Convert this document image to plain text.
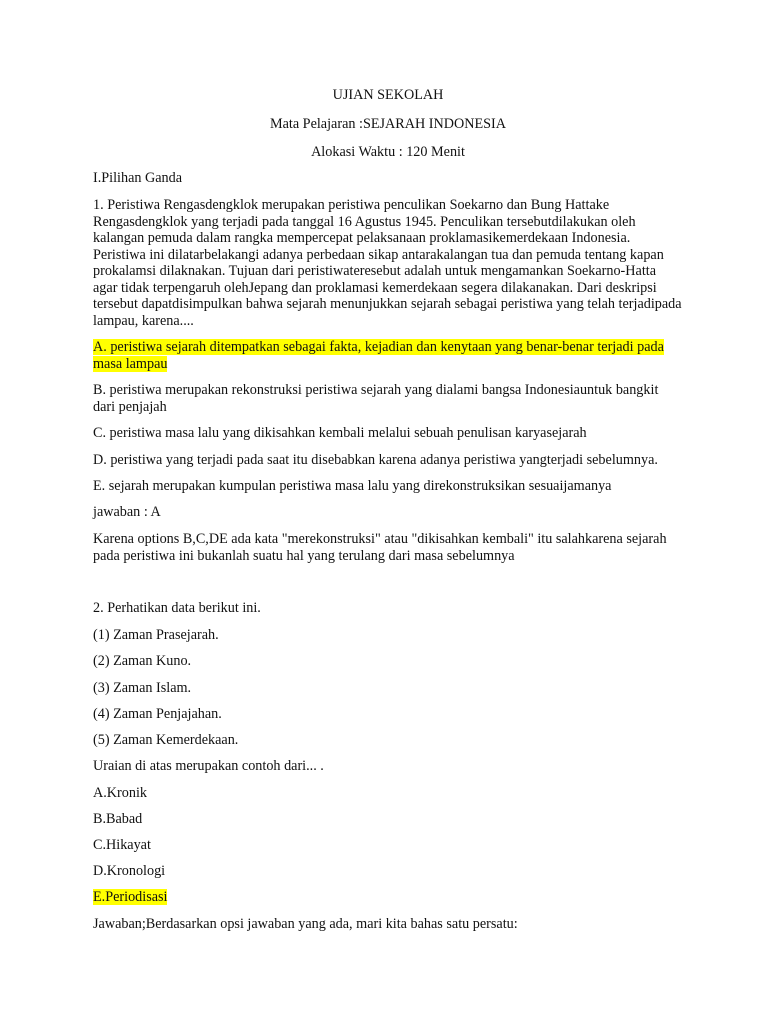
UJIAN SEKOLAH

Mata Pelajaran :SEJARAH INDONESIA

Alokasi Waktu : 120 Menit

I.Pilihan Ganda

1. Peristiwa Rengasdengklok merupakan peristiwa penculikan Soekarno dan Bung Hattake Rengasdengklok yang terjadi pada tanggal 16 Agustus 1945. Penculikan tersebutdilakukan oleh kalangan pemuda dalam rangka mempercepat pelaksanaan proklamasikemerdekaan Indonesia. Peristiwa ini dilatarbelakangi adanya perbedaan sikap antarakalangan tua dan pemuda tentang kapan prokalamsi dilaknakan. Tujuan dari peristiwateresebut adalah untuk mengamankan Soekarno-Hatta agar tidak terpengaruh olehJepang dan proklamasi kemerdekaan segera dilakanakan. Dari deskripsi tersebut dapatdisimpulkan bahwa sejarah menunjukkan sejarah sebagai peristiwa yang telah terjadipada lampau, karena....

A. peristiwa sejarah ditempatkan sebagai fakta, kejadian dan kenytaan yang benar-benar terjadi pada masa lampau

B. peristiwa merupakan rekonstruksi peristiwa sejarah yang dialami bangsa Indonesiauntuk bangkit dari penjajah

C. peristiwa masa lalu yang dikisahkan kembali melalui sebuah penulisan karyasejarah

D. peristiwa yang terjadi pada saat itu disebabkan karena adanya peristiwa yangterjadi sebelumnya.

E. sejarah merupakan kumpulan peristiwa masa lalu yang direkonstruksikan sesuaijamanya

jawaban : A

Karena options B,C,DE ada kata "merekonstruksi" atau "dikisahkan kembali" itu salahkarena sejarah pada peristiwa ini bukanlah suatu hal yang terulang dari masa sebelumnya

2. Perhatikan data berikut ini.

(1) Zaman Prasejarah.

(2) Zaman Kuno.

(3) Zaman Islam.

(4) Zaman Penjajahan.

(5) Zaman Kemerdekaan.

Uraian di atas merupakan contoh dari... .

A.Kronik

B.Babad

C.Hikayat

D.Kronologi

E.Periodisasi

Jawaban;Berdasarkan opsi jawaban yang ada, mari kita bahas satu persatu:
